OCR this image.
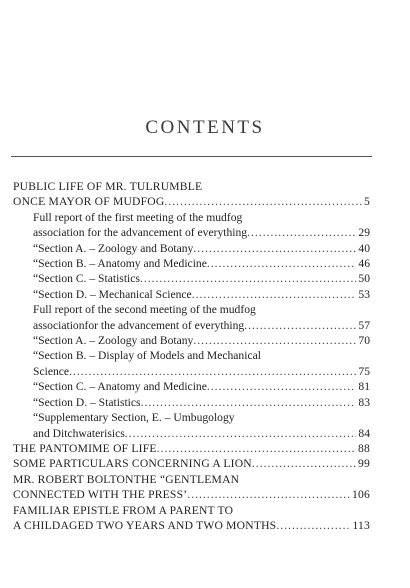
CONTENTS
PUBLIC LIFE OF MR. TULRUMBLE
ONCE MAYOR OF MUDFOG .....	5
Full report of the first meeting of the mudfog
association for the advancement of everything .....	29
“Section A. – Zoology and Botany .....	40
“Section B. – Anatomy and Medicine .....	46
“Section C. – Statistics .....	50
“Section D. – Mechanical Science .....	53
Full report of the second meeting of the mudfog
associationfor the advancement of everything .....	57
“Section A. – Zoology and Botany .....	70
“Section B. – Display of Models and Mechanical
Science .....	75
“Section C. – Anatomy and Medicine .....	81
“Section D. – Statistics .....	83
“Supplementary Section, E. – Umbugology
and Ditchwaterisics .....	84
THE PANTOMIME OF LIFE .....	88
SOME PARTICULARS CONCERNING A LION .....	99
MR. ROBERT BOLTONTHE “GENTLEMAN
CONNECTED WITH THE PRESS’ .....	106
FAMILIAR EPISTLE FROM A PARENT TO
A CHILDAGED TWO YEARS AND TWO MONTHS .....	113
